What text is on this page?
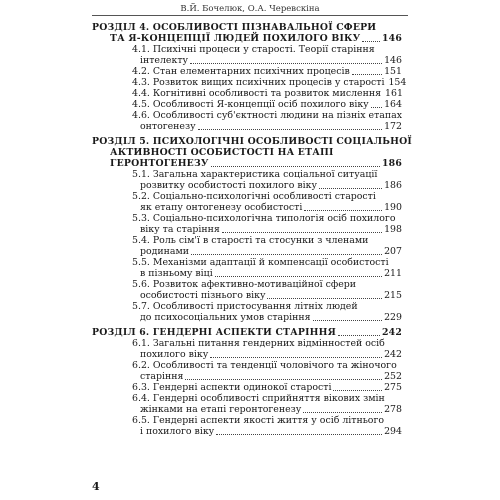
В.Й. Бочелюк, О.А. Черевскіна
РОЗДІЛ 4. ОСОБЛИВОСТІ ПІЗНАВАЛЬНОЇ СФЕРИ
ТА Я-КОНЦЕПЦІЇ ЛЮДЕЙ ПОХИЛОГО ВІКУ 146
4.1. Психічні процеси у старості. Теорії старіння
інтелекту	146
4.2. Стан елементарних психічних процесів	151
4.3. Розвиток вищих психічних процесів у старості 154
4.4. Когнітивні особливості та розвиток мислення 161
4.5. Особливості Я-концепції осіб похилого віку 164
4.6. Особливості суб'єктності людини на пізніх етапах
онтогенезу	172
РОЗДІЛ 5. ПСИХОЛОГІЧНІ ОСОБЛИВОСТІ СОЦІАЛЬНОЇ
АКТИВНОСТІ ОСОБИСТОСТІ НА ЕТАПІ
ГЕРОНТОГЕНЕЗУ	186
5.1. Загальна характеристика соціальної ситуації
розвитку особистості похилого віку	186
5.2. Соціально-психологічні особливості старості
як етапу онтогенезу особистості	190
5.3. Соціально-психологічна типологія осіб похилого
віку та старіння	198
5.4. Роль сім'ї в старості та стосунки з членами
родинами	207
5.5. Механізми адаптації й компенсації особистості
в пізньому віці	211
5.6. Розвиток афективно-мотиваційної сфери
особистості пізнього віку	215
5.7. Особливості пристосування літніх людей
до психосоціальних умов старіння	229
РОЗДІЛ 6. ГЕНДЕРНІ АСПЕКТИ СТАРІННЯ	242
6.1. Загальні питання гендерних відмінностей осіб
похилого віку	242
6.2. Особливості та тенденції чоловічого та жіночого
старіння	252
6.3. Гендерні аспекти одинокої старості	275
6.4. Гендерні особливості сприйняття вікових змін
жінками на етапі геронтогенезу	278
6.5. Гендерні аспекти якості життя у осіб літнього
і похилого віку	294
4
